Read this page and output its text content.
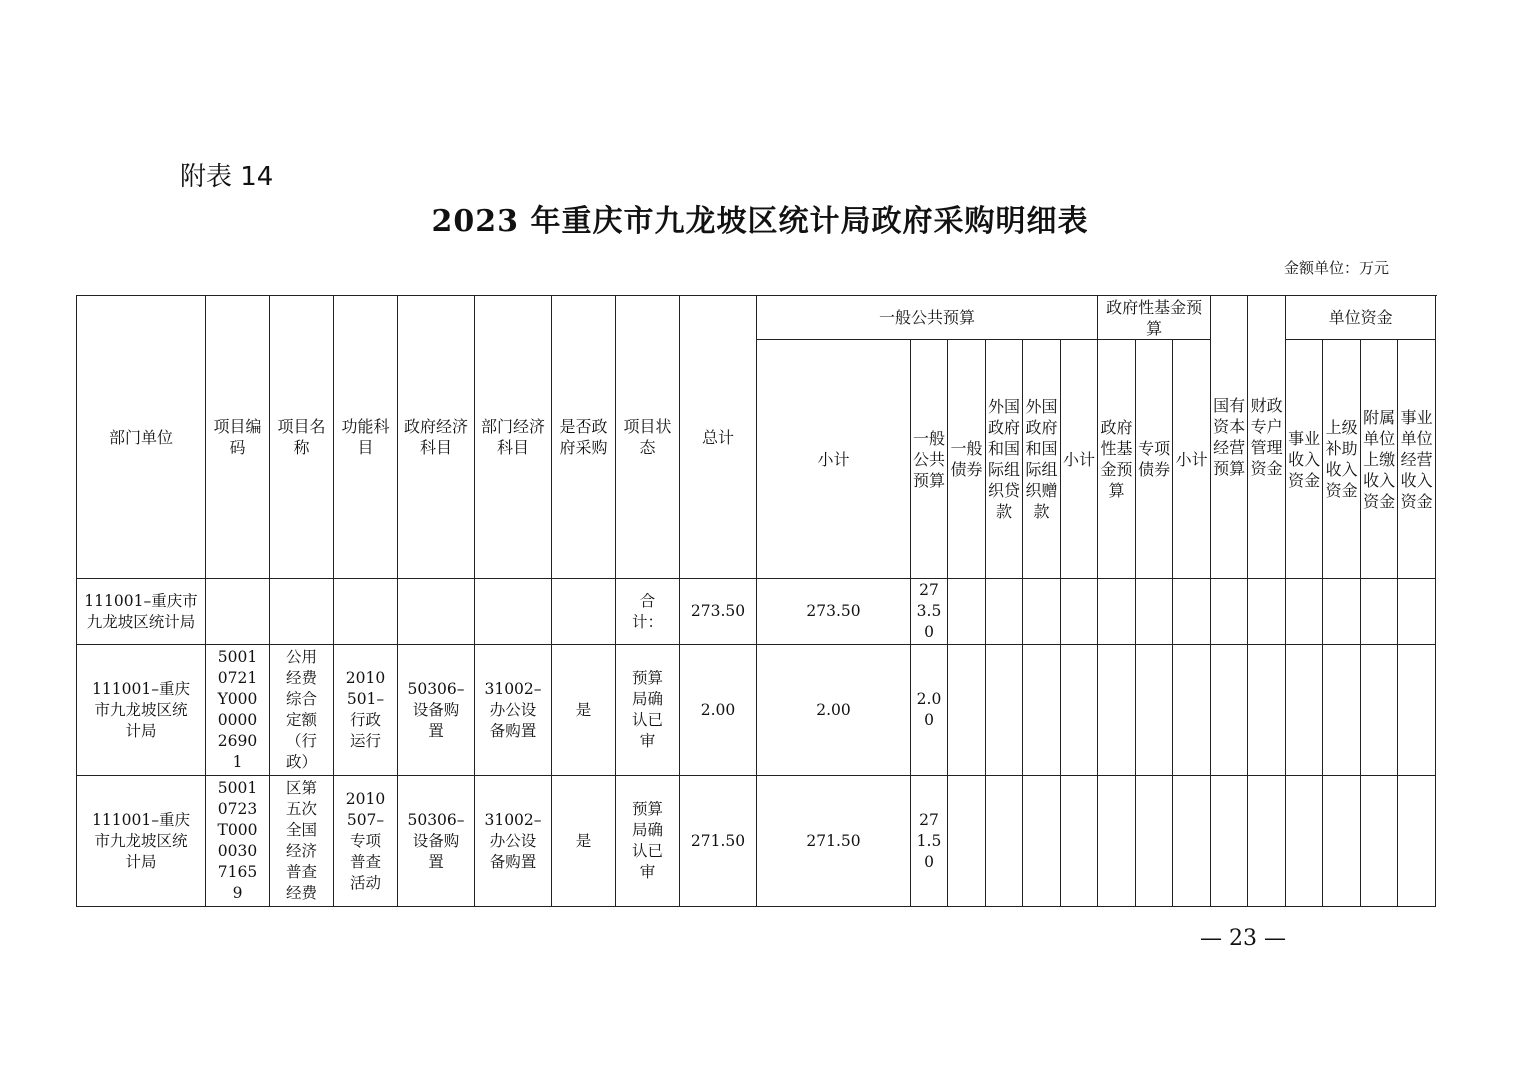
附表 14
2023 年重庆市九龙坡区统计局政府采购明细表
金额单位：万元
部门单位	项目编码	项目名称	功能科目	政府经济科目	部门经济科目	是否政府采购	项目状态	总计	一般公共预算						政府性基金预算			国有资本经营预算	财政专户管理资金	单位资金				
									小计	一般公共预算	一般债券	外国政府和国际组织贷款	外国政府和国际组织赠款	小计	政府性基金预算	专项债券	小计			事业收入资金	上级补助收入资金	附属单位上缴收入资金	事业单位经营收入资金	
111001–重庆市九龙坡区统计局							合计：	273.50	273.50	273.50														
111001–重庆市九龙坡区统计局	50010721Y000000026901	公用经费综合定额（行政）	2010501–行政运行	50306–设备购置	31002–办公设备购置	是	预算局确认已审	2.00	2.00	2.00														
111001–重庆市九龙坡区统计局	50010723T000003071659	区第五次全国经济普查经费	2010507–专项普查活动	50306–设备购置	31002–办公设备购置	是	预算局确认已审	271.50	271.50	271.50														
— 23 —
